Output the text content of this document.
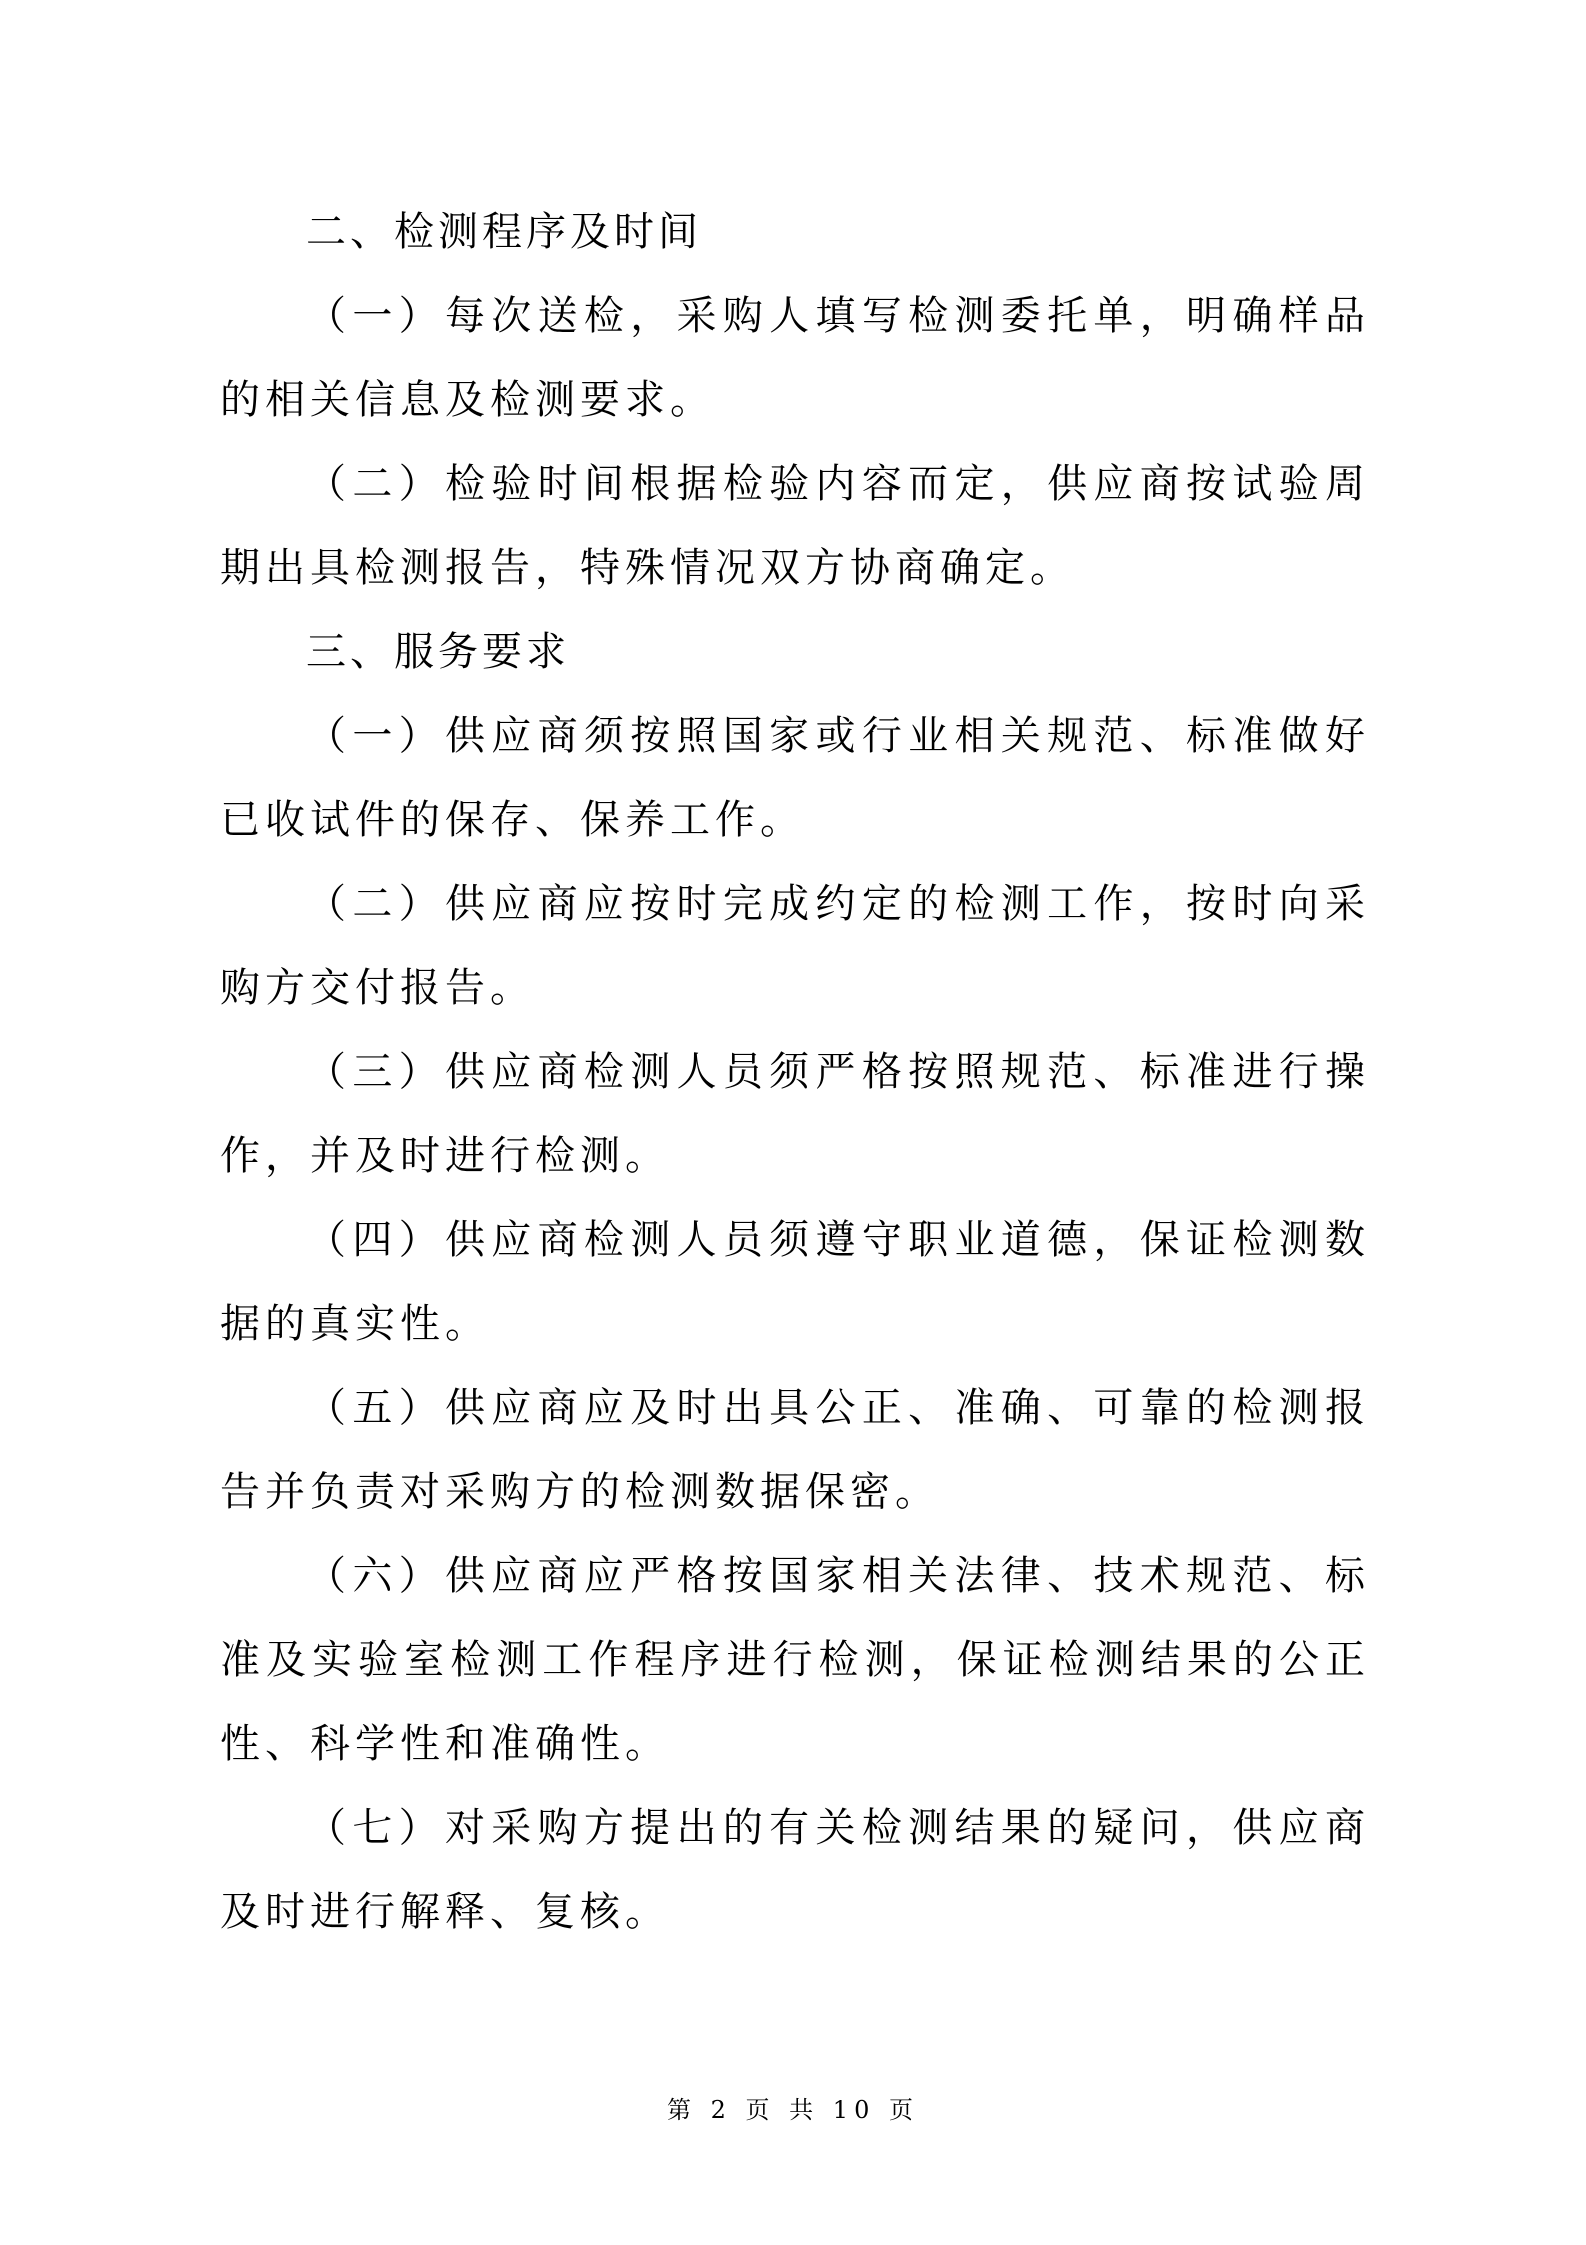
二、检测程序及时间

（一）每次送检，采购人填写检测委托单，明确样品的相关信息及检测要求。

（二）检验时间根据检验内容而定，供应商按试验周期出具检测报告，特殊情况双方协商确定。

三、服务要求

（一）供应商须按照国家或行业相关规范、标准做好已收试件的保存、保养工作。

（二）供应商应按时完成约定的检测工作，按时向采购方交付报告。

（三）供应商检测人员须严格按照规范、标准进行操作，并及时进行检测。

（四）供应商检测人员须遵守职业道德，保证检测数据的真实性。

（五）供应商应及时出具公正、准确、可靠的检测报告并负责对采购方的检测数据保密。

（六）供应商应严格按国家相关法律、技术规范、标准及实验室检测工作程序进行检测，保证检测结果的公正性、科学性和准确性。

（七）对采购方提出的有关检测结果的疑问，供应商及时进行解释、复核。

第 2 页 共 10 页
